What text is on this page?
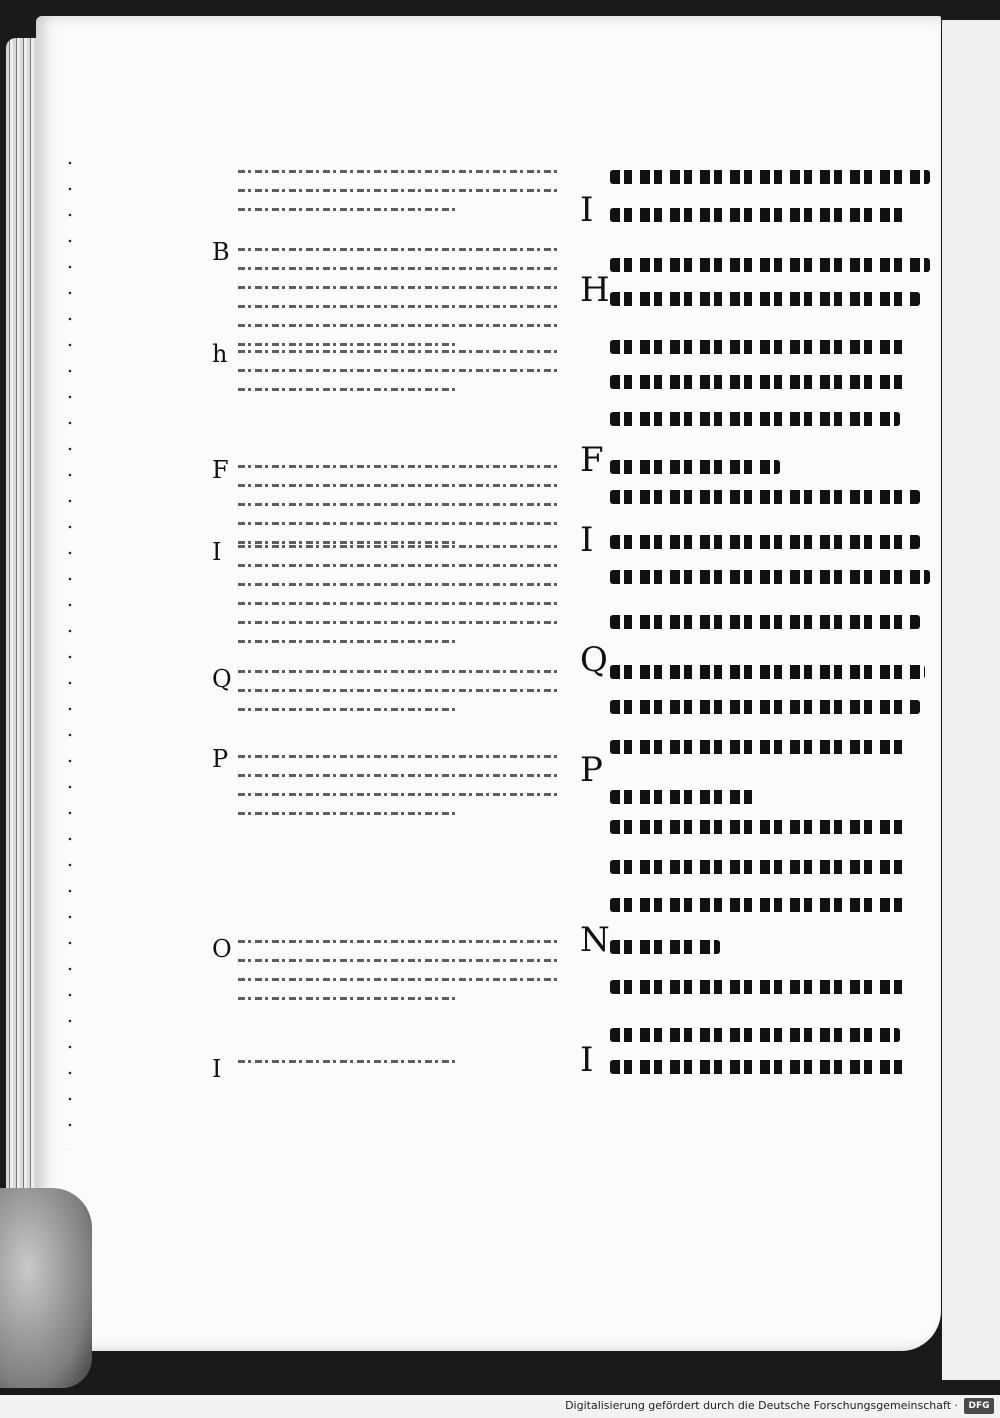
B
h
F
I
Q
P
O
I
I
H
F
I
Q
P
N
I
Digitalisierung gefördert durch die Deutsche Forschungsgemeinschaft ·	DFG
